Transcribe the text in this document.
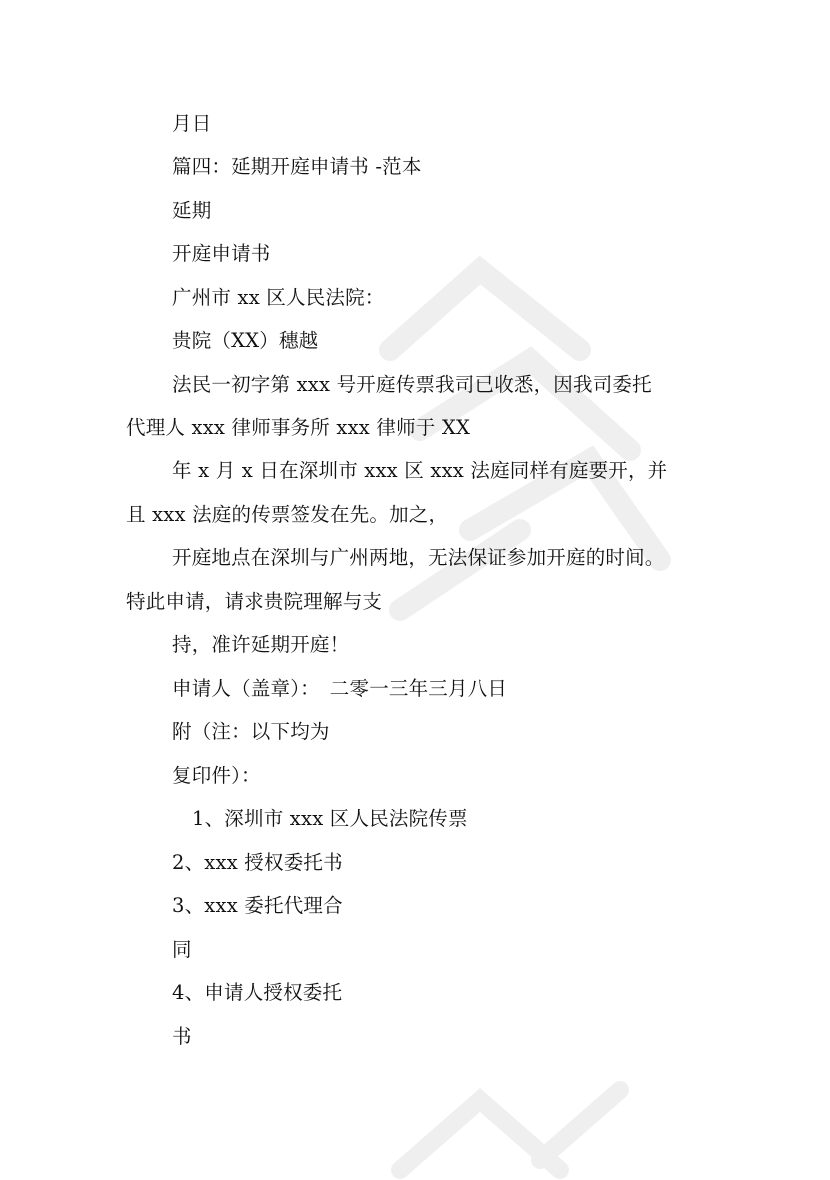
月日
篇四：延期开庭申请书 -范本
延期
开庭申请书
广州市 xx 区人民法院：
贵院（XX）穗越
法民一初字第 xxx 号开庭传票我司已收悉，因我司委托
代理人 xxx 律师事务所 xxx 律师于 XX
年 x 月 x 日在深圳市 xxx 区 xxx 法庭同样有庭要开，并
且 xxx 法庭的传票签发在先。加之，
开庭地点在深圳与广州两地，无法保证参加开庭的时间。
特此申请，请求贵院理解与支
持，准许延期开庭！
申请人（盖章）：　二零一三年三月八日
附（注：以下均为
复印件）：
1、深圳市 xxx 区人民法院传票
2、xxx 授权委托书
3、xxx 委托代理合
同
4、申请人授权委托
书
